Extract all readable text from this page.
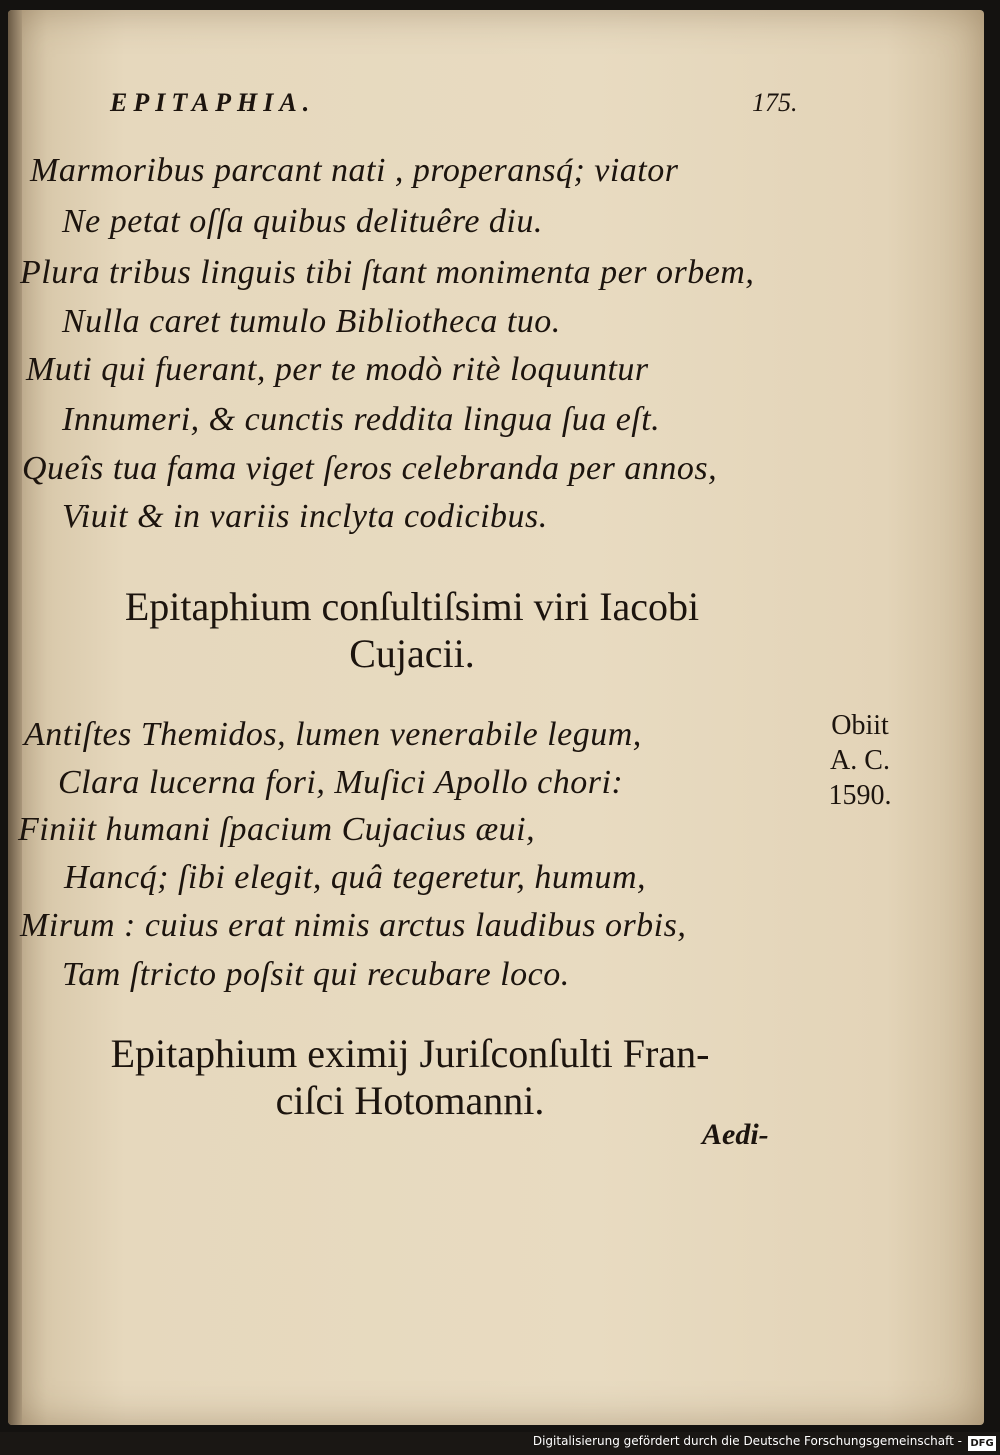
EPITAPHIA.	175.
Marmoribus parcant nati , properansq́; viator
Ne petat oſſa quibus delituêre diu.
Plura tribus linguis tibi ſtant monimenta per orbem,
Nulla caret tumulo Bibliotheca tuo.
Muti qui fuerant, per te modò ritè loquuntur
Innumeri, & cunctis reddita lingua ſua eſt.
Queîs tua fama viget ſeros celebranda per annos,
Viuit & in variis inclyta codicibus.
Epitaphium conſultiſsimi viri Iacobi
Cujacii.
Antiſtes Themidos, lumen venerabile legum,
Clara lucerna fori, Muſici Apollo chori:
Finiit humani ſpacium Cujacius æui,
Hancq́; ſibi elegit, quâ tegeretur, humum,
Mirum : cuius erat nimis arctus laudibus orbis,
Tam ſtricto poſsit qui recubare loco.
Obiit
A. C.
1590.
Epitaphium eximij Juriſconſulti Fran-
ciſci Hotomanni.
Aedi-
Digitalisierung gefördert durch die Deutsche Forschungsgemeinschaft - DFG
